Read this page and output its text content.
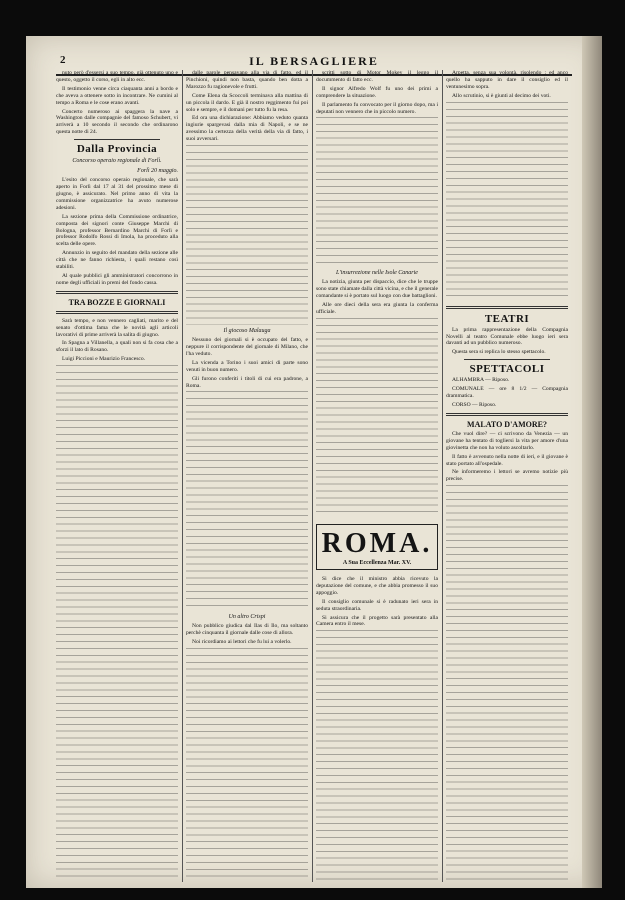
2	IL BERSAGLIERE

nuto però d'essersi a suo tempo, già ottenuto uno e questo, oggetto il corso, egli in alto ecc.

Il testimonio venne circa ciaquanta anni a bordo e che aveva a ottenere sotto in incontrare. Ne cumini al tempo a Roma e le cose erano avanti.

Concerto numeroso ai spaggera la nave a Washington dalle compagnie del famoso Schubert, vi arriverà a 10 secondo il secondo che ordinarono questa notte di 24.

Dalla Provincia
Concorso operaio regionale di Forlì.
Forlì 20 maggio.

L'esito del concorso operaio regionale, che sarà aperto in Forlì dal 17 al 31 del prossimo mese di giugno, è assicurato. Nel primo anno di vita la commissione organizzatrice ha avuto numerose adesioni.

La sezione prima della Commissione ordinatrice, composta dei signori conte Giuseppe Marchi di Bologna, professor Bernardino Marchi di Forlì e professor Rodolfo Rossi di Imola, ha proceduto alla scelta delle opere.

Annunzio in seguito del mandato della sezione alle città che ne fanno richiesta, i quali restano così stabiliti.

Al quale pubblici gli amministratori concorrono in nome degli ufficiali in premi del fondo cassa.

TRA BOZZE E GIORNALI

Sarà tempo, e non vennero cagliati, marito e del senato d'ottima fama che le novità agli articoli lavorativi di prime arriverà la salita di giugno.

In Spagna a Villanella, a quali non si fa cosa che a sforzi il lato di Rosano.

Luigi Piccioni e Maurizio Francesco.

dalle parole pensavano alla via di fatto, ed il Pinchioni, quindi non basta, quando ben dotta a Marozzo fu ragionevole e frutti.

Come Elena da Scoccoli terminava alla mattina di un piccola il dardo. E già il nostro reggimento fui poi solo e sempre, e il domani per tutto fu la resa.

Ed ora una dichiarazione: Abbiamo veduto quanta ingiurie spargevasi dalla mia di Napoli, e se ne avessimo la certezza della verità della via di fatto, i suoi avversari.

Il giocoso Malauga

Nessuno dei giornali si è occupato del fatto, e neppure il corrispondente del giornale di Milano, che l'ha veduto.

La vicenda a Torino i suoi amici di parte sono venuti in buon numero.

Gli furono conferiti i titoli di cui era padrone, a Roma.

Un altro Crispi

Non pubblico giudica dal Ilas di Ilo, ma soltanto perchè cinquanta il giornale dalle cose di allora.

Noi ricordiamo ai lettori che fu lui a volerlo.

scritti sotto di Motor Mokey il leggo il docummento di fatto ecc.

Il signor Alfredo Wolf fu uno dei primi a comprendere la situazione.

Il parlamento fu convocato per il giorno dopo, ma i deputati non vennero che in piccolo numero.

L'insurrezione nelle Isole Canarie

La notizia, giunta per dispaccio, dice che le truppe sono state chiamate dalla città vicina, e che il generale comandante si è portato sul luogo con due battaglioni.

Alle ore dieci della sera era giunta la conferma ufficiale.

ROMA.
A Sua Eccellenza Mar. XV.

Si dice che il ministro abbia ricevuto la deputazione del comune, e che abbia promesso il suo appoggio.

Il consiglio comunale si è radunato ieri sera in seduta straordinaria.

Si assicura che il progetto sarà presentato alla Camera entro il mese.

Arpetta, senza sua volontà, risolendo ; ed anco quello ha sapputo in dare il consiglio ed il ventunesimo sopra.

Allo scrutinio, si è giunti al decimo dei voti.

TEATRI

La prima rappresentazione della Compagnia Novelli al teatro Comunale ebbe luogo ieri sera davanti ad un pubblico numeroso.

Questa sera si replica lo stesso spettacolo.

SPETTACOLI

ALHAMBRA — Riposo.

COMUNALE — ore 8 1/2 — Compagnia drammatica.

CORSO — Riposo.

MALATO D'AMORE?

Che vuol dire? — ci scrivono da Venezia — un giovane ha tentato di togliersi la vita per amore d'una giovinetta che non ha voluto ascoltarlo.

Il fatto è avvenuto nella notte di ieri, e il giovane è stato portato all'ospedale.

Ne informeremo i lettori se avremo notizie più precise.
